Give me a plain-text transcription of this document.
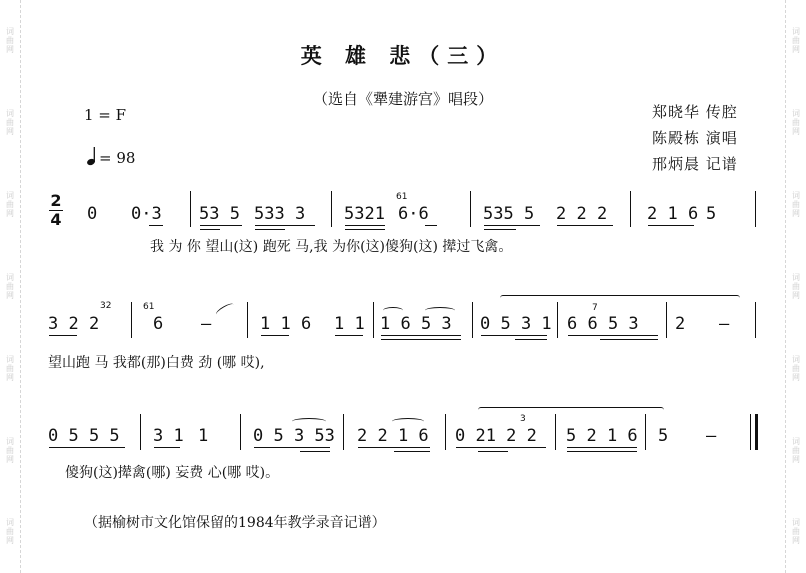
词
曲
网
词
曲
网
词
曲
网
词
曲
网
词
曲
网
词
曲
网
词
曲
网
词
曲
网
词
曲
网
词
曲
网
词
曲
网
词
曲
网
词
曲
网
词
曲
网
英 雄 悲（三）
（选自《犟建游宫》唱段）
1 = F
= 98
郑晓华 传腔
陈殿栋 演唱
邢炳晨 记谱
2
4 0 0·3 53 5 533 3 5321
61
6·6	535 5 2 2 2 2 1 6 5
我 为 你 望山(这) 跑死 马,我 为你(这)傻狗(这) 撵过飞禽。
32
3 2 2
61
6 –	1 1 6 1 1 1 6 5 3 0 5 3 1
7
6 6 5 3 2 –
望山跑 马 我都(那)白费 劲 (哪 哎),
0 5 5 5 3 1 1	0 5 3 53 2 2 1 6
3
0 21 2 2 5 2 1 6 5 –
傻狗(这)撵禽(哪) 妄费 心(哪 哎)。
（据榆树市文化馆保留的1984年教学录音记谱）
